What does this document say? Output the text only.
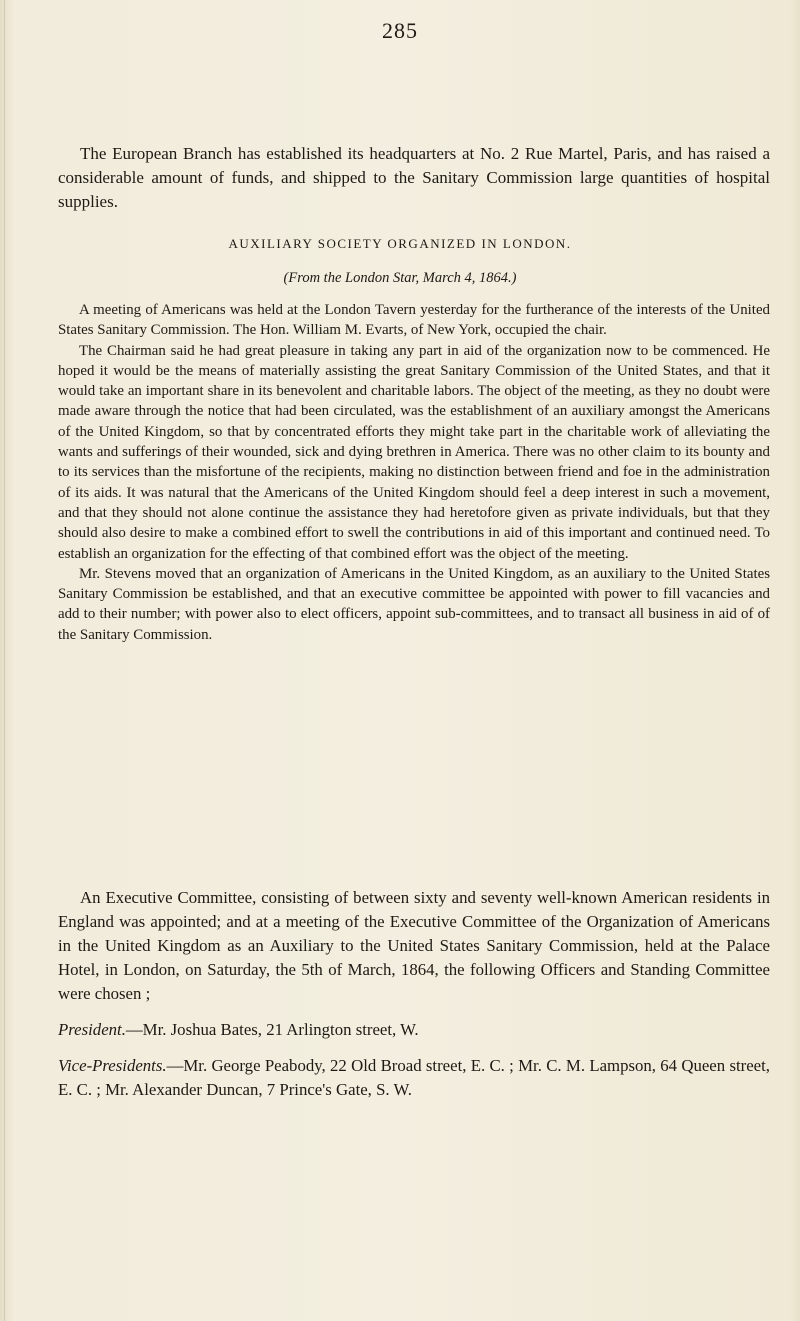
285

The European Branch has established its headquarters at No. 2 Rue Martel, Paris, and has raised a considerable amount of funds, and shipped to the Sanitary Commission large quantities of hospital supplies.

AUXILIARY SOCIETY ORGANIZED IN LONDON.
(From the London Star, March 4, 1864.)

A meeting of Americans was held at the London Tavern yesterday for the furtherance of the interests of the United States Sanitary Commission. The Hon. William M. Evarts, of New York, occupied the chair.

The Chairman said he had great pleasure in taking any part in aid of the organization now to be commenced. He hoped it would be the means of materially assisting the great Sanitary Commission of the United States, and that it would take an important share in its benevolent and charitable labors. The object of the meeting, as they no doubt were made aware through the notice that had been circulated, was the establishment of an auxiliary amongst the Americans of the United Kingdom, so that by concentrated efforts they might take part in the charitable work of alleviating the wants and sufferings of their wounded, sick and dying brethren in America. There was no other claim to its bounty and to its services than the misfortune of the recipients, making no distinction between friend and foe in the administration of its aids. It was natural that the Americans of the United Kingdom should feel a deep interest in such a movement, and that they should not alone continue the assistance they had heretofore given as private individuals, but that they should also desire to make a combined effort to swell the contributions in aid of this important and continued need. To establish an organization for the effecting of that combined effort was the object of the meeting.

Mr. Stevens moved that an organization of Americans in the United Kingdom, as an auxiliary to the United States Sanitary Commission be established, and that an executive committee be appointed with power to fill vacancies and add to their number; with power also to elect officers, appoint sub-committees, and to transact all business in aid of of the Sanitary Commission.

An Executive Committee, consisting of between sixty and seventy well-known American residents in England was appointed; and at a meeting of the Executive Committee of the Organization of Americans in the United Kingdom as an Auxiliary to the United States Sanitary Commission, held at the Palace Hotel, in London, on Saturday, the 5th of March, 1864, the following Officers and Standing Committee were chosen ;

President.—Mr. Joshua Bates, 21 Arlington street, W.

Vice-Presidents.—Mr. George Peabody, 22 Old Broad street, E. C. ; Mr. C. M. Lampson, 64 Queen street, E. C. ; Mr. Alexander Duncan, 7 Prince's Gate, S. W.
